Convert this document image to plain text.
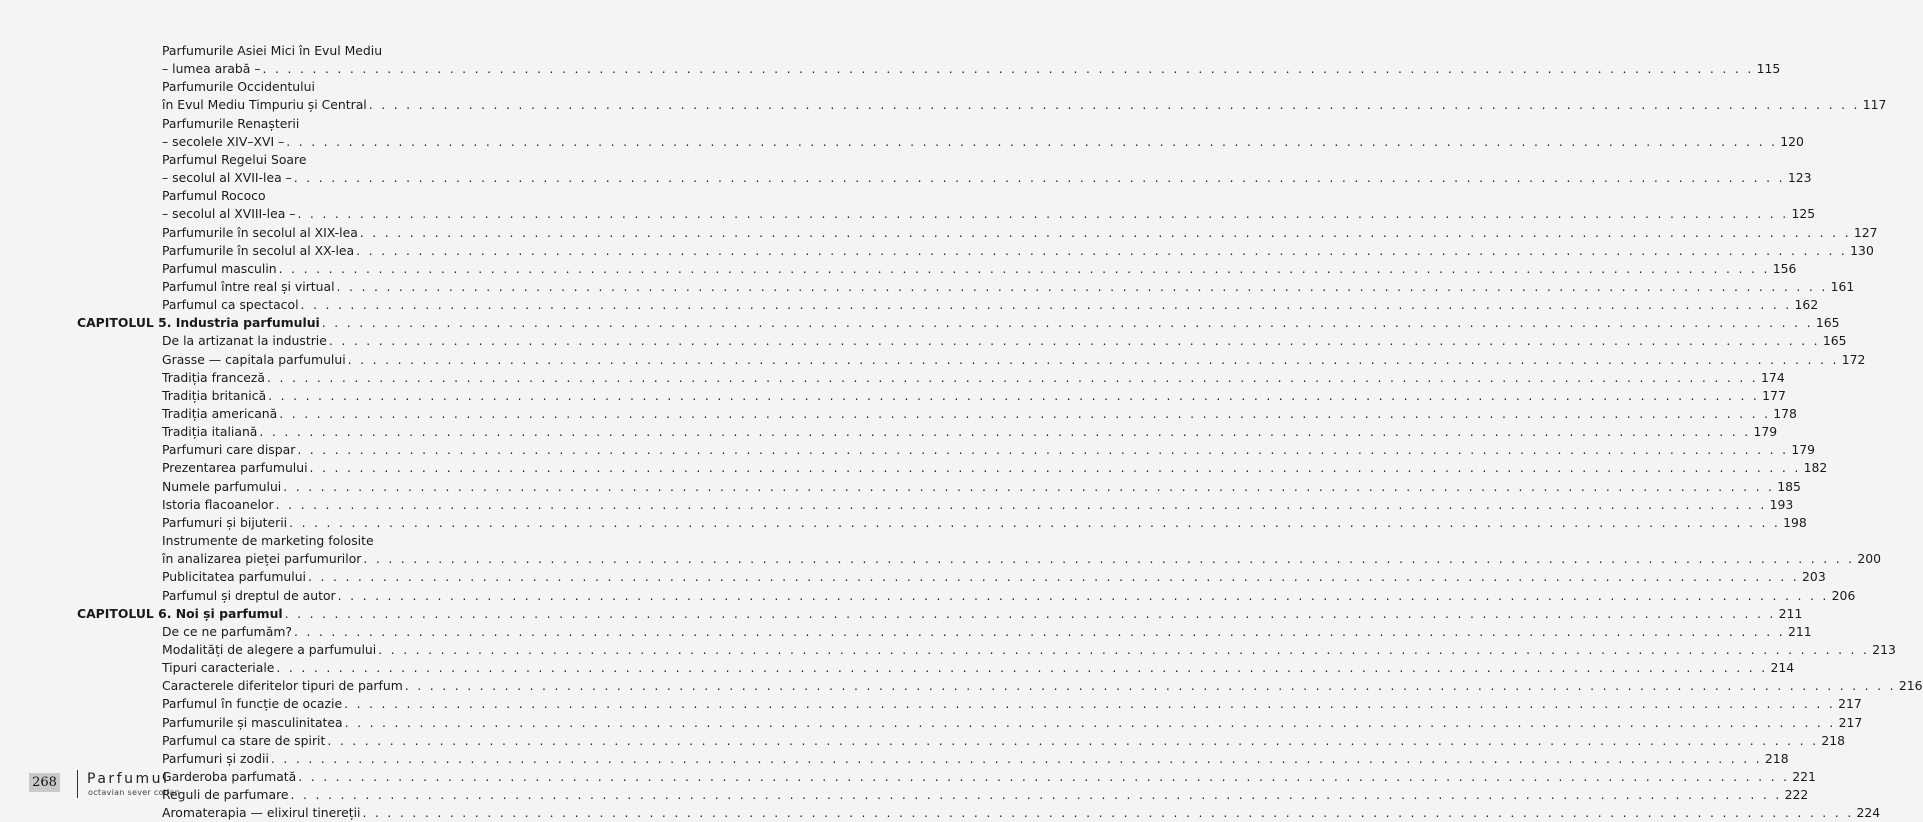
Parfumurile Asiei Mici în Evul Mediu
– lumea arabă – . . . . . . . . . . . . . . . . . . . . . . . . . . . . . . . . . . . . . . . . . . . . . . . . . . . . . . . . . . . . . . . . . . . . . . . . . . . . . . . . . . . . . . . . . . . . . . . . . . . . . . . . . . . . . . . . . . . . . . . . 115
Parfumurile Occidentului
în Evul Mediu Timpuriu și Central . . . . . . . . . . . . . . . . . . . . . . . . . . . . . . . . . . . . . . . . . . . . . . . . . . . . . . . . . . . . . . . . . . . . . . . . . . . . . . . . . . . . . . . . . . . . . . . . . . . . . . . . . . . . . . . . . . . . . . . . 117
Parfumurile Renașterii
– secolele XIV–XVI – . . . . . . . . . . . . . . . . . . . . . . . . . . . . . . . . . . . . . . . . . . . . . . . . . . . . . . . . . . . . . . . . . . . . . . . . . . . . . . . . . . . . . . . . . . . . . . . . . . . . . . . . . . . . . . . . . . . . . . . . 120
Parfumul Regelui Soare
– secolul al XVII-lea – . . . . . . . . . . . . . . . . . . . . . . . . . . . . . . . . . . . . . . . . . . . . . . . . . . . . . . . . . . . . . . . . . . . . . . . . . . . . . . . . . . . . . . . . . . . . . . . . . . . . . . . . . . . . . . . . . . . . . . . . 123
Parfumul Rococo
– secolul al XVIII-lea – . . . . . . . . . . . . . . . . . . . . . . . . . . . . . . . . . . . . . . . . . . . . . . . . . . . . . . . . . . . . . . . . . . . . . . . . . . . . . . . . . . . . . . . . . . . . . . . . . . . . . . . . . . . . . . . . . . . . . . . . 125
Parfumurile în secolul al XIX-lea . . . . . . . . . . . . . . . . . . . . . . . . . . . . . . . . . . . . . . . . . . . . . . . . . . . . . . . . . . . . . . . . . . . . . . . . . . . . . . . . . . . . . . . . . . . . . . . . . . . . . . . . . . . . . . . . . . . . . . . . 127
Parfumurile în secolul al XX-lea . . . . . . . . . . . . . . . . . . . . . . . . . . . . . . . . . . . . . . . . . . . . . . . . . . . . . . . . . . . . . . . . . . . . . . . . . . . . . . . . . . . . . . . . . . . . . . . . . . . . . . . . . . . . . . . . . . . . . . . . 130
Parfumul masculin . . . . . . . . . . . . . . . . . . . . . . . . . . . . . . . . . . . . . . . . . . . . . . . . . . . . . . . . . . . . . . . . . . . . . . . . . . . . . . . . . . . . . . . . . . . . . . . . . . . . . . . . . . . . . . . . . . . . . . . . 156
Parfumul între real și virtual . . . . . . . . . . . . . . . . . . . . . . . . . . . . . . . . . . . . . . . . . . . . . . . . . . . . . . . . . . . . . . . . . . . . . . . . . . . . . . . . . . . . . . . . . . . . . . . . . . . . . . . . . . . . . . . . . . . . . . . . 161
Parfumul ca spectacol . . . . . . . . . . . . . . . . . . . . . . . . . . . . . . . . . . . . . . . . . . . . . . . . . . . . . . . . . . . . . . . . . . . . . . . . . . . . . . . . . . . . . . . . . . . . . . . . . . . . . . . . . . . . . . . . . . . . . . . . 162
CAPITOLUL 5. Industria parfumului . . . . . . . . . . . . . . . . . . . . . . . . . . . . . . . . . . . . . . . . . . . . . . . . . . . . . . . . . . . . . . . . . . . . . . . . . . . . . . . . . . . . . . . . . . . . . . . . . . . . . . . . . . . . . . . . . . . . . . . . 165
De la artizanat la industrie . . . . . . . . . . . . . . . . . . . . . . . . . . . . . . . . . . . . . . . . . . . . . . . . . . . . . . . . . . . . . . . . . . . . . . . . . . . . . . . . . . . . . . . . . . . . . . . . . . . . . . . . . . . . . . . . . . . . . . . . 165
Grasse — capitala parfumului . . . . . . . . . . . . . . . . . . . . . . . . . . . . . . . . . . . . . . . . . . . . . . . . . . . . . . . . . . . . . . . . . . . . . . . . . . . . . . . . . . . . . . . . . . . . . . . . . . . . . . . . . . . . . . . . . . . . . . . . 172
Tradiția franceză . . . . . . . . . . . . . . . . . . . . . . . . . . . . . . . . . . . . . . . . . . . . . . . . . . . . . . . . . . . . . . . . . . . . . . . . . . . . . . . . . . . . . . . . . . . . . . . . . . . . . . . . . . . . . . . . . . . . . . . . 174
Tradiția britanică . . . . . . . . . . . . . . . . . . . . . . . . . . . . . . . . . . . . . . . . . . . . . . . . . . . . . . . . . . . . . . . . . . . . . . . . . . . . . . . . . . . . . . . . . . . . . . . . . . . . . . . . . . . . . . . . . . . . . . . . 177
Tradiția americană . . . . . . . . . . . . . . . . . . . . . . . . . . . . . . . . . . . . . . . . . . . . . . . . . . . . . . . . . . . . . . . . . . . . . . . . . . . . . . . . . . . . . . . . . . . . . . . . . . . . . . . . . . . . . . . . . . . . . . . . 178
Tradiția italiană . . . . . . . . . . . . . . . . . . . . . . . . . . . . . . . . . . . . . . . . . . . . . . . . . . . . . . . . . . . . . . . . . . . . . . . . . . . . . . . . . . . . . . . . . . . . . . . . . . . . . . . . . . . . . . . . . . . . . . . . 179
Parfumuri care dispar . . . . . . . . . . . . . . . . . . . . . . . . . . . . . . . . . . . . . . . . . . . . . . . . . . . . . . . . . . . . . . . . . . . . . . . . . . . . . . . . . . . . . . . . . . . . . . . . . . . . . . . . . . . . . . . . . . . . . . . . 179
Prezentarea parfumului . . . . . . . . . . . . . . . . . . . . . . . . . . . . . . . . . . . . . . . . . . . . . . . . . . . . . . . . . . . . . . . . . . . . . . . . . . . . . . . . . . . . . . . . . . . . . . . . . . . . . . . . . . . . . . . . . . . . . . . . 182
Numele parfumului . . . . . . . . . . . . . . . . . . . . . . . . . . . . . . . . . . . . . . . . . . . . . . . . . . . . . . . . . . . . . . . . . . . . . . . . . . . . . . . . . . . . . . . . . . . . . . . . . . . . . . . . . . . . . . . . . . . . . . . . 185
Istoria flacoanelor . . . . . . . . . . . . . . . . . . . . . . . . . . . . . . . . . . . . . . . . . . . . . . . . . . . . . . . . . . . . . . . . . . . . . . . . . . . . . . . . . . . . . . . . . . . . . . . . . . . . . . . . . . . . . . . . . . . . . . . . 193
Parfumuri și bijuterii . . . . . . . . . . . . . . . . . . . . . . . . . . . . . . . . . . . . . . . . . . . . . . . . . . . . . . . . . . . . . . . . . . . . . . . . . . . . . . . . . . . . . . . . . . . . . . . . . . . . . . . . . . . . . . . . . . . . . . . . 198
Instrumente de marketing folosite
în analizarea pieței parfumurilor . . . . . . . . . . . . . . . . . . . . . . . . . . . . . . . . . . . . . . . . . . . . . . . . . . . . . . . . . . . . . . . . . . . . . . . . . . . . . . . . . . . . . . . . . . . . . . . . . . . . . . . . . . . . . . . . . . . . . . . . 200
Publicitatea parfumului . . . . . . . . . . . . . . . . . . . . . . . . . . . . . . . . . . . . . . . . . . . . . . . . . . . . . . . . . . . . . . . . . . . . . . . . . . . . . . . . . . . . . . . . . . . . . . . . . . . . . . . . . . . . . . . . . . . . . . . . 203
Parfumul și dreptul de autor . . . . . . . . . . . . . . . . . . . . . . . . . . . . . . . . . . . . . . . . . . . . . . . . . . . . . . . . . . . . . . . . . . . . . . . . . . . . . . . . . . . . . . . . . . . . . . . . . . . . . . . . . . . . . . . . . . . . . . . . 206
CAPITOLUL 6. Noi și parfumul . . . . . . . . . . . . . . . . . . . . . . . . . . . . . . . . . . . . . . . . . . . . . . . . . . . . . . . . . . . . . . . . . . . . . . . . . . . . . . . . . . . . . . . . . . . . . . . . . . . . . . . . . . . . . . . . . . . . . . . . 211
De ce ne parfumăm? . . . . . . . . . . . . . . . . . . . . . . . . . . . . . . . . . . . . . . . . . . . . . . . . . . . . . . . . . . . . . . . . . . . . . . . . . . . . . . . . . . . . . . . . . . . . . . . . . . . . . . . . . . . . . . . . . . . . . . . . 211
Modalități de alegere a parfumului . . . . . . . . . . . . . . . . . . . . . . . . . . . . . . . . . . . . . . . . . . . . . . . . . . . . . . . . . . . . . . . . . . . . . . . . . . . . . . . . . . . . . . . . . . . . . . . . . . . . . . . . . . . . . . . . . . . . . . . . 213
Tipuri caracteriale . . . . . . . . . . . . . . . . . . . . . . . . . . . . . . . . . . . . . . . . . . . . . . . . . . . . . . . . . . . . . . . . . . . . . . . . . . . . . . . . . . . . . . . . . . . . . . . . . . . . . . . . . . . . . . . . . . . . . . . . 214
Caracterele diferitelor tipuri de parfum . . . . . . . . . . . . . . . . . . . . . . . . . . . . . . . . . . . . . . . . . . . . . . . . . . . . . . . . . . . . . . . . . . . . . . . . . . . . . . . . . . . . . . . . . . . . . . . . . . . . . . . . . . . . . . . . . . . . . . . . 216
Parfumul în funcție de ocazie . . . . . . . . . . . . . . . . . . . . . . . . . . . . . . . . . . . . . . . . . . . . . . . . . . . . . . . . . . . . . . . . . . . . . . . . . . . . . . . . . . . . . . . . . . . . . . . . . . . . . . . . . . . . . . . . . . . . . . . . 217
Parfumurile și masculinitatea . . . . . . . . . . . . . . . . . . . . . . . . . . . . . . . . . . . . . . . . . . . . . . . . . . . . . . . . . . . . . . . . . . . . . . . . . . . . . . . . . . . . . . . . . . . . . . . . . . . . . . . . . . . . . . . . . . . . . . . . 217
Parfumul ca stare de spirit . . . . . . . . . . . . . . . . . . . . . . . . . . . . . . . . . . . . . . . . . . . . . . . . . . . . . . . . . . . . . . . . . . . . . . . . . . . . . . . . . . . . . . . . . . . . . . . . . . . . . . . . . . . . . . . . . . . . . . . . 218
Parfumuri și zodii . . . . . . . . . . . . . . . . . . . . . . . . . . . . . . . . . . . . . . . . . . . . . . . . . . . . . . . . . . . . . . . . . . . . . . . . . . . . . . . . . . . . . . . . . . . . . . . . . . . . . . . . . . . . . . . . . . . . . . . . 218
Garderoba parfumată . . . . . . . . . . . . . . . . . . . . . . . . . . . . . . . . . . . . . . . . . . . . . . . . . . . . . . . . . . . . . . . . . . . . . . . . . . . . . . . . . . . . . . . . . . . . . . . . . . . . . . . . . . . . . . . . . . . . . . . . 221
Reguli de parfumare . . . . . . . . . . . . . . . . . . . . . . . . . . . . . . . . . . . . . . . . . . . . . . . . . . . . . . . . . . . . . . . . . . . . . . . . . . . . . . . . . . . . . . . . . . . . . . . . . . . . . . . . . . . . . . . . . . . . . . . . 222
Aromaterapia — elixirul tinereții . . . . . . . . . . . . . . . . . . . . . . . . . . . . . . . . . . . . . . . . . . . . . . . . . . . . . . . . . . . . . . . . . . . . . . . . . . . . . . . . . . . . . . . . . . . . . . . . . . . . . . . . . . . . . . . . . . . . . . . . 224
268 Parfumul
octavian sever coifan
